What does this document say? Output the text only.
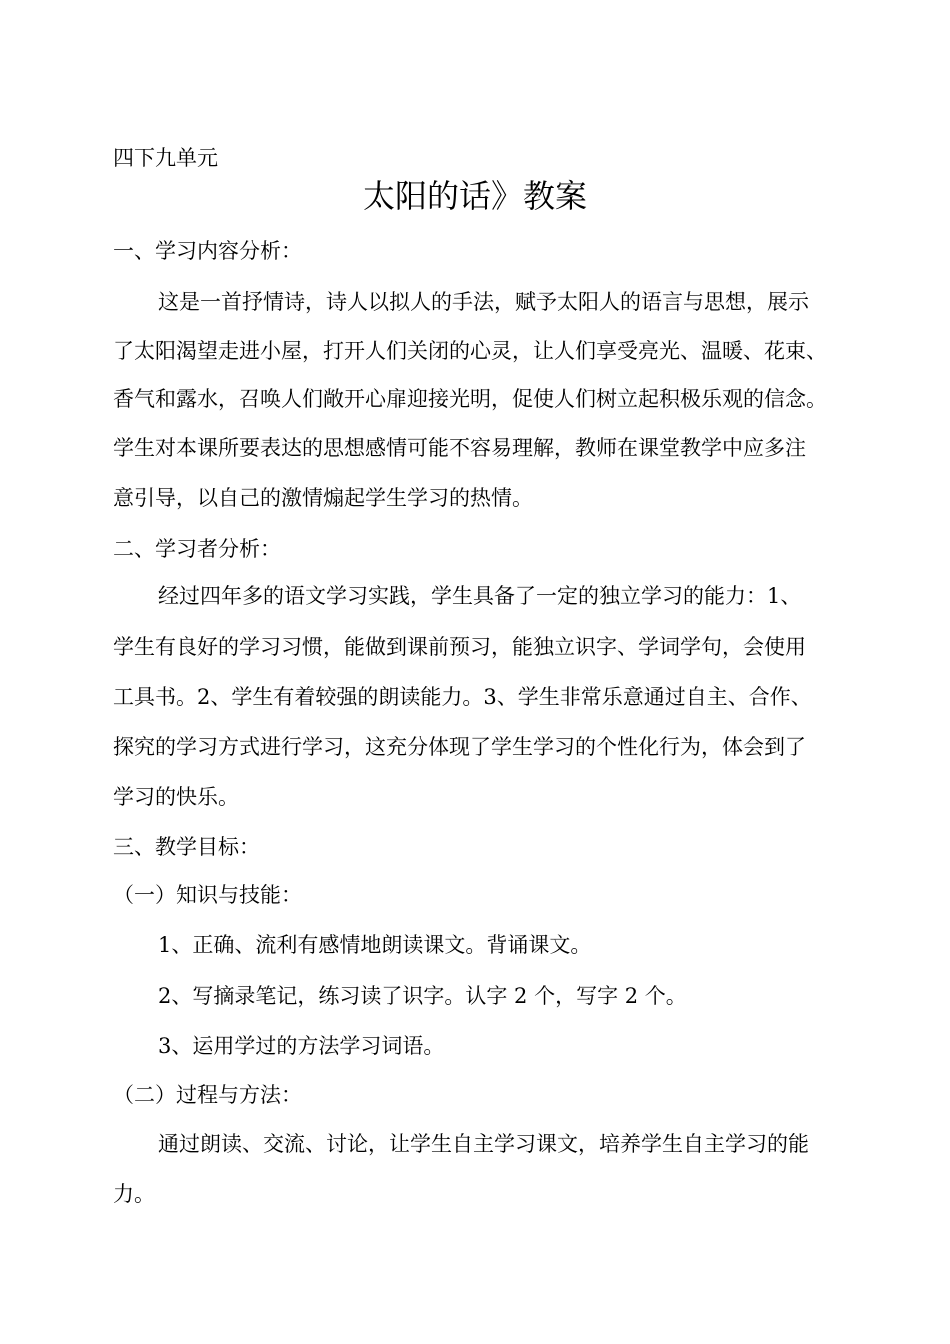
四下九单元
太阳的话》教案
一、学习内容分析：
这是一首抒情诗，诗人以拟人的手法，赋予太阳人的语言与思想，展示
了太阳渴望走进小屋，打开人们关闭的心灵，让人们享受亮光、温暖、花束、
香气和露水，召唤人们敞开心扉迎接光明，促使人们树立起积极乐观的信念。
学生对本课所要表达的思想感情可能不容易理解，教师在课堂教学中应多注
意引导，以自己的激情煽起学生学习的热情。
二、学习者分析：
经过四年多的语文学习实践，学生具备了一定的独立学习的能力：1、
学生有良好的学习习惯，能做到课前预习，能独立识字、学词学句，会使用
工具书。2、学生有着较强的朗读能力。3、学生非常乐意通过自主、合作、
探究的学习方式进行学习，这充分体现了学生学习的个性化行为，体会到了
学习的快乐。
三、教学目标：
（一）知识与技能：
1、正确、流利有感情地朗读课文。背诵课文。
2、写摘录笔记，练习读了识字。认字 2 个，写字 2 个。
3、运用学过的方法学习词语。
（二）过程与方法：
通过朗读、交流、讨论，让学生自主学习课文，培养学生自主学习的能
力。
